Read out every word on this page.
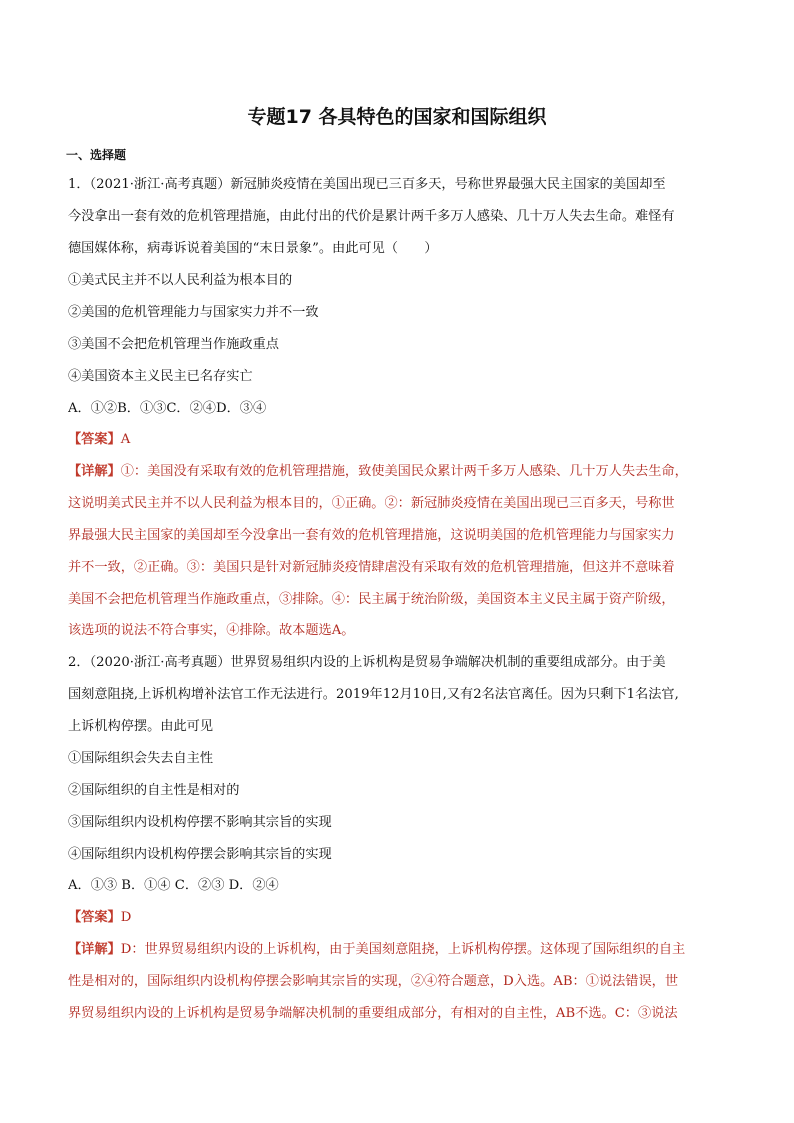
专题17 各具特色的国家和国际组织
一、选择题
1．（2021·浙江·高考真题）新冠肺炎疫情在美国出现已三百多天，号称世界最强大民主国家的美国却至
今没拿出一套有效的危机管理措施，由此付出的代价是累计两千多万人感染、几十万人失去生命。难怪有
德国媒体称，病毒诉说着美国的“末日景象”。由此可见（　　）
①美式民主并不以人民利益为根本目的
②美国的危机管理能力与国家实力并不一致
③美国不会把危机管理当作施政重点
④美国资本主义民主已名存实亡
A．①②B．①③C．②④D．③④
【答案】A
【详解】①：美国没有采取有效的危机管理措施，致使美国民众累计两千多万人感染、几十万人失去生命，
这说明美式民主并不以人民利益为根本目的，①正确。②：新冠肺炎疫情在美国出现已三百多天，号称世
界最强大民主国家的美国却至今没拿出一套有效的危机管理措施，这说明美国的危机管理能力与国家实力
并不一致，②正确。③：美国只是针对新冠肺炎疫情肆虐没有采取有效的危机管理措施，但这并不意味着
美国不会把危机管理当作施政重点，③排除。④：民主属于统治阶级，美国资本主义民主属于资产阶级，
该选项的说法不符合事实，④排除。故本题选A。
2．（2020·浙江·高考真题）世界贸易组织内设的上诉机构是贸易争端解决机制的重要组成部分。由于美
国刻意阻挠,上诉机构增补法官工作无法进行。2019年12月10日,又有2名法官离任。因为只剩下1名法官,
上诉机构停摆。由此可见
①国际组织会失去自主性
②国际组织的自主性是相对的
③国际组织内设机构停摆不影响其宗旨的实现
④国际组织内设机构停摆会影响其宗旨的实现
A．①③ B．①④ C．②③ D．②④
【答案】D
【详解】D：世界贸易组织内设的上诉机构，由于美国刻意阻挠，上诉机构停摆。这体现了国际组织的自主
性是相对的，国际组织内设机构停摆会影响其宗旨的实现，②④符合题意，D入选。AB：①说法错误，世
界贸易组织内设的上诉机构是贸易争端解决机制的重要组成部分，有相对的自主性，AB不选。C：③说法
